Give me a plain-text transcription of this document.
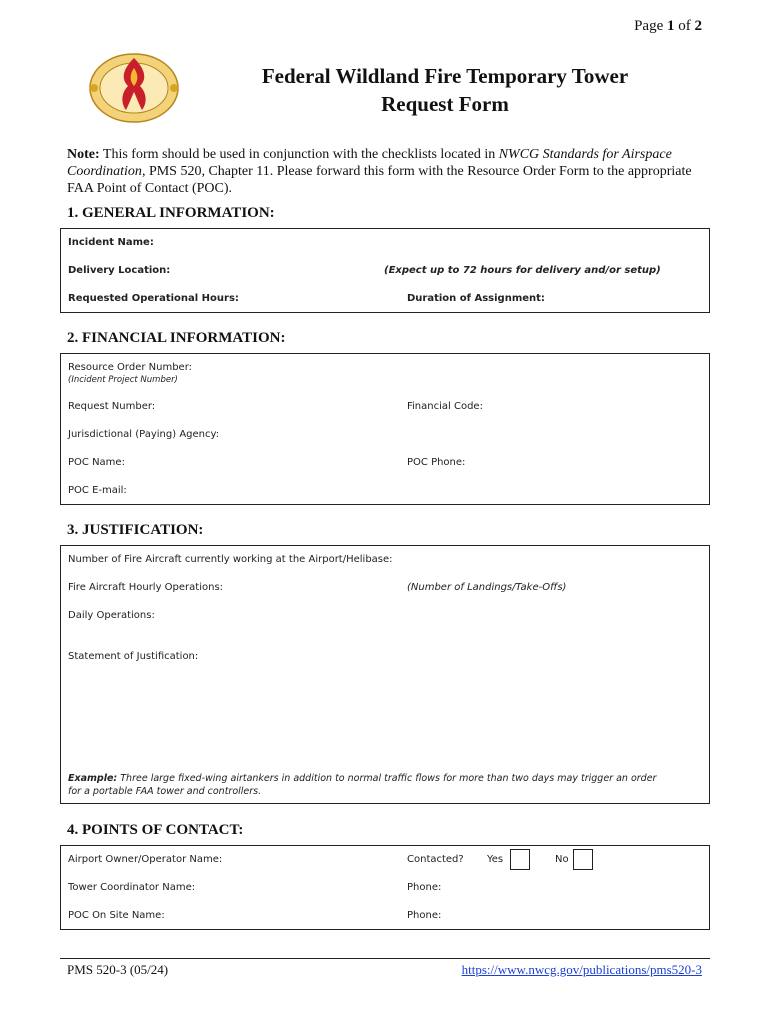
Page 1 of 2
Federal Wildland Fire Temporary Tower
Request Form
Note: This form should be used in conjunction with the checklists located in NWCG Standards for Airspace Coordination, PMS 520, Chapter 11. Please forward this form with the Resource Order Form to the appropriate FAA Point of Contact (POC).
1. GENERAL INFORMATION:
Incident Name:
Delivery Location:	(Expect up to 72 hours for delivery and/or setup)
Requested Operational Hours:	Duration of Assignment:
2. FINANCIAL INFORMATION:
Resource Order Number:
(Incident Project Number)
Request Number:	Financial Code:
Jurisdictional (Paying) Agency:
POC Name:	POC Phone:
POC E-mail:
3. JUSTIFICATION:
Number of Fire Aircraft currently working at the Airport/Helibase:
Fire Aircraft Hourly Operations:	(Number of Landings/Take-Offs)
Daily Operations:
Statement of Justification:
Example: Three large fixed-wing airtankers in addition to normal traffic flows for more than two days may trigger an order
for a portable FAA tower and controllers.
4. POINTS OF CONTACT:
Airport Owner/Operator Name:	Contacted? Yes	No
Tower Coordinator Name:	Phone:
POC On Site Name:	Phone:
PMS 520-3 (05/24)	https://www.nwcg.gov/publications/pms520-3
